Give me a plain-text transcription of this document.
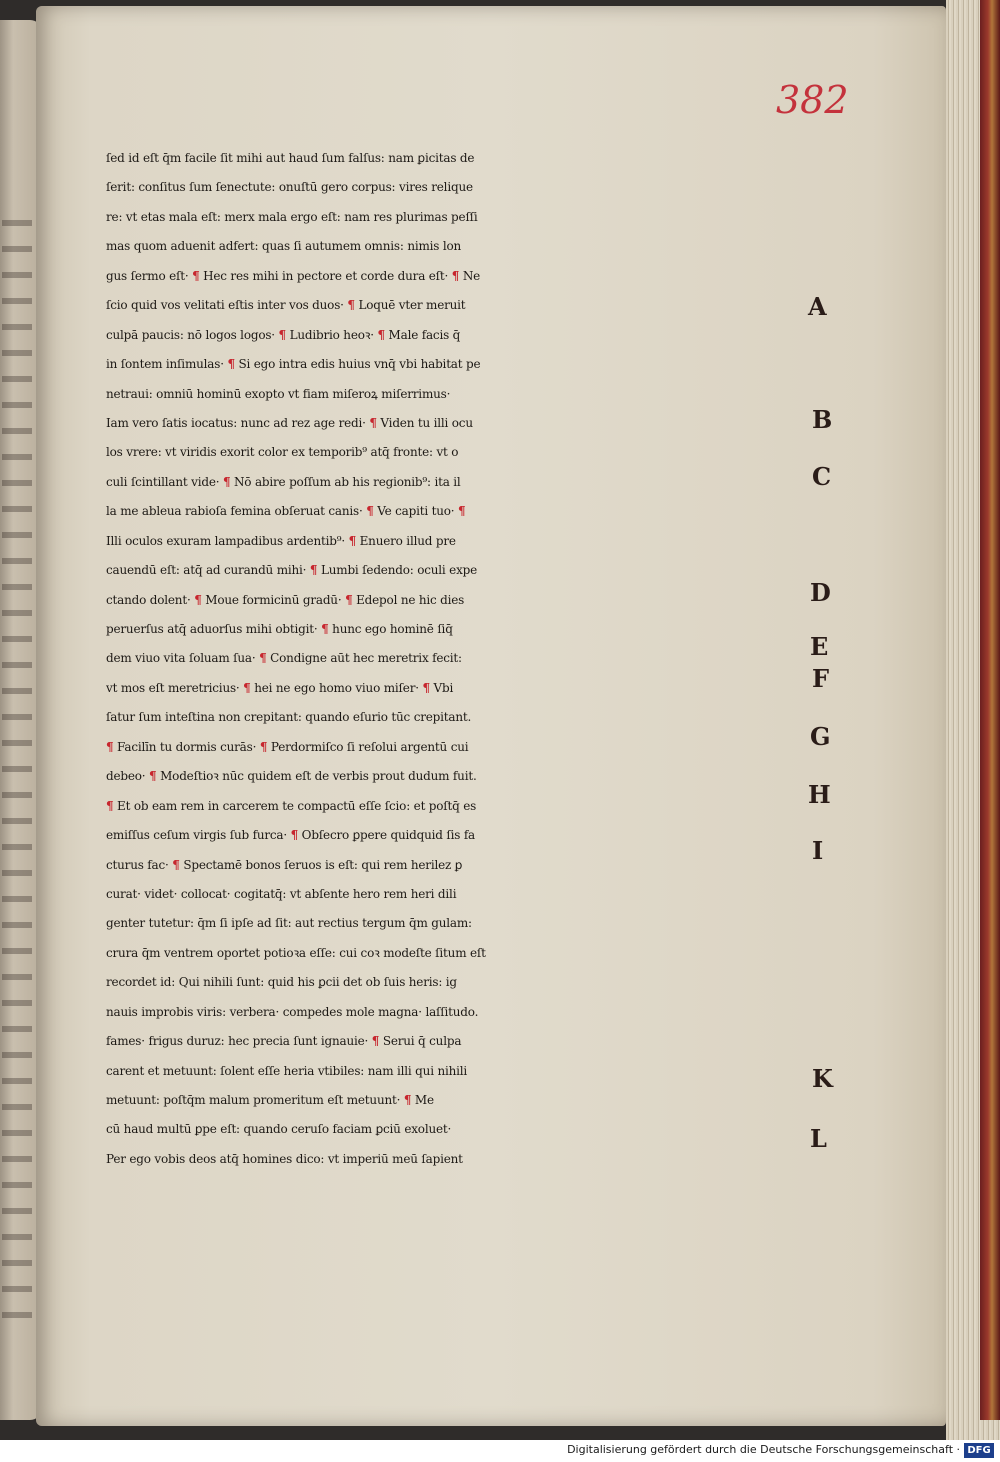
382
ſed id eſt q̄m facile ſit mihi aut haud ſum falſus: nam ꝑicitas de
ſerit: conſitus ſum ſenectute: onuſtū gero corpus: vires relique
re: vt etas mala eſt: merx mala ergo eſt: nam res plurimas peſſi
mas quom aduenit adfert: quas ſi autumem omnis: nimis lon
gus ſermo eſt· ¶ Hec res mihi in pectore et corde dura eſt· ¶ Ne
ſcio quid vos velitati eſtis inter vos duos· ¶ Loquē vter meruit
culpā paucis: nō logos logos· ¶ Ludibrio heoꝛ· ¶ Male facis q̄
in ſontem inſimulas· ¶ Si ego intra edis huius vnq̄ vbi habitat pe
netraui: omniū hominū exopto vt fiam miſeroꝝ miſerrimus·
Iam vero ſatis iocatus: nunc ad rez age redi· ¶ Viden tu illi ocu
los vrere: vt viridis exorit color ex temporib⁹ atq̄ fronte: vt o
culi ſcintillant vide· ¶ Nō abire poſſum ab his regionib⁹: ita il
la me ableua rabioſa femina obſeruat canis· ¶ Ve capiti tuo· ¶
Illi oculos exuram lampadibus ardentib⁹· ¶ Enuero illud pre
cauendū eſt: atq̄ ad curandū mihi· ¶ Lumbi ſedendo: oculi expe
ctando dolent· ¶ Moue formicinū gradū· ¶ Edepol ne hic dies
peruerſus atq̄ aduorſus mihi obtigit· ¶ hunc ego hominē ſiq̄
dem viuo vita ſoluam ſua· ¶ Condigne aūt hec meretrix fecit:
vt mos eſt meretricius· ¶ hei ne ego homo viuo miſer· ¶ Vbi
ſatur ſum inteſtina non crepitant: quando eſurio tūc crepitant.
¶ Facilīn tu dormis curās· ¶ Perdormiſco ſi reſolui argentū cui
debeo· ¶ Modeſtioꝛ nūc quidem eſt de verbis prout dudum fuit.
¶ Et ob eam rem in carcerem te compactū eſſe ſcio: et poſtq̄ es
emiſſus ceſum virgis ſub furca· ¶ Obſecro ꝑpere quidquid ſis fa
cturus fac· ¶ Spectamē bonos ſeruos is eſt: qui rem herilez ꝑ
curat· videt· collocat· cogitatq̄: vt abſente hero rem heri dili
genter tutetur: q̄m ſi ipſe ad ſit: aut rectius tergum q̄m gulam:
crura q̄m ventrem oportet potioꝛa eſſe: cui coꝛ modeſte ſitum eſt
recordet id: Qui nihili ſunt: quid his ꝑcii det ob ſuis heris: ig
nauis improbis viris: verbera· compedes mole magna· laſſitudo.
fames· frigus duruz: hec precia ſunt ignauie· ¶ Serui q̄ culpa
carent et metuunt: ſolent eſſe heria vtibiles: nam illi qui nihili
metuunt: poſtq̄m malum promeritum eſt metuunt· ¶ Me
cū haud multū ꝑpe eſt: quando ceruſo faciam ꝑciū exoluet·
Per ego vobis deos atq̄ homines dico: vt imperiū meū ſapient
A
B
C
D
E
F
G
H
I
K
L
Digitalisierung gefördert durch die Deutsche Forschungsgemeinschaft · DFG
